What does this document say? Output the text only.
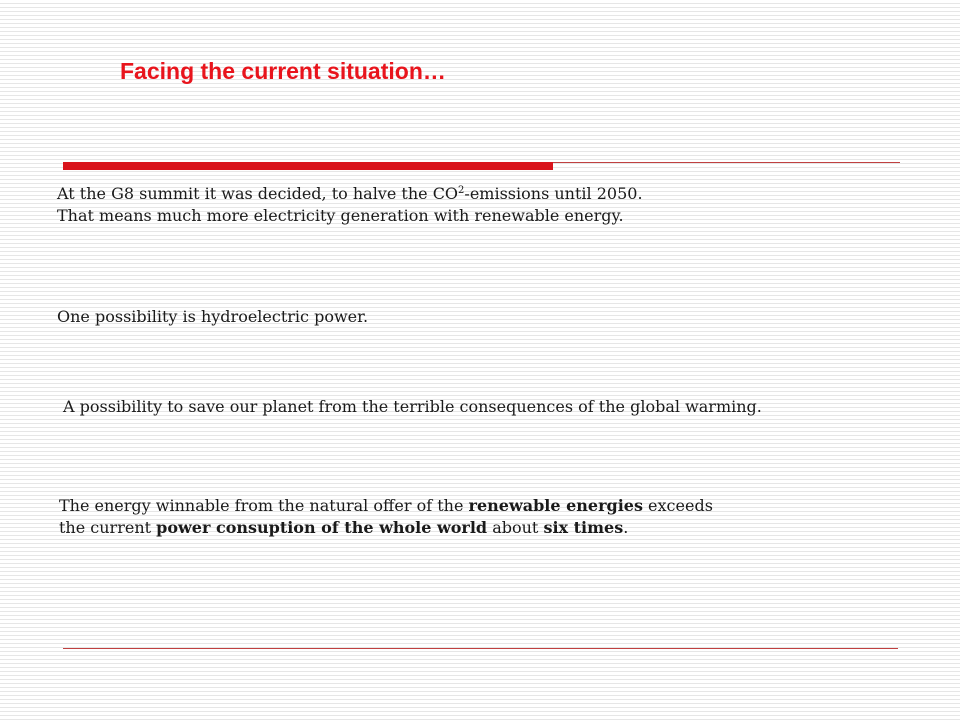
Facing the current situation…
At the G8 summit it was decided, to halve the $CO^2$-emissions until 2050.
That means much more electricity generation with renewable energy.
One possibility is hydroelectric power.
A possibility to save our planet from the terrible consequences of the global warming.
The energy winnable from the natural offer of the renewable energies exceeds
the current power consuption of the whole world about six times.
